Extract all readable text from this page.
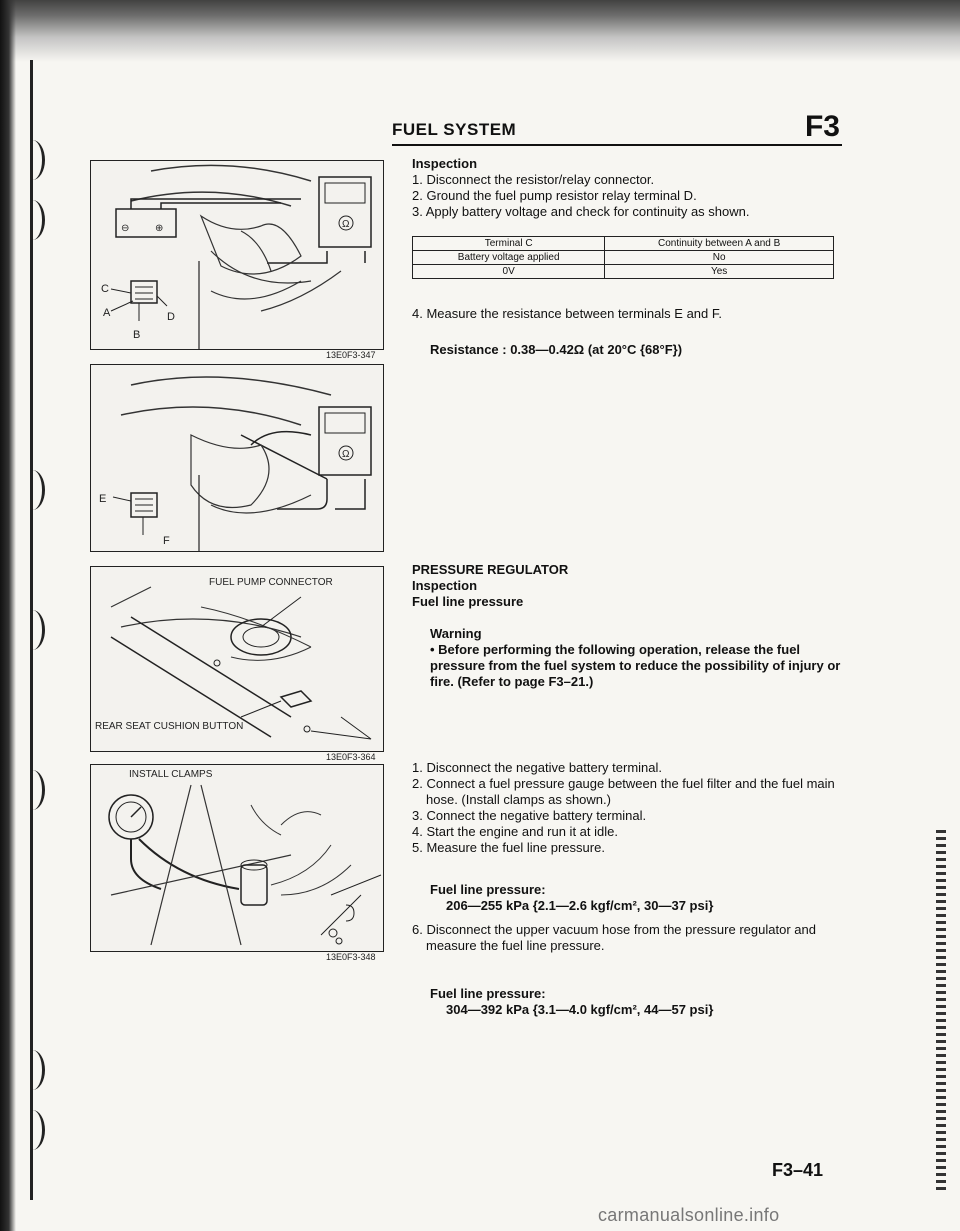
FUEL SYSTEM	F3
⊖	⊕	Ω
C
A	D
B
13E0F3-347
Ω
E
F
FUEL PUMP CONNECTOR
REAR SEAT CUSHION BUTTON
13E0F3-364
INSTALL CLAMPS
13E0F3-348
Inspection

1. Disconnect the resistor/relay connector.

2. Ground the fuel pump resistor relay terminal D.

3. Apply battery voltage and check for continuity as shown.

Terminal C	Continuity between A and B
Battery voltage applied	No
0V	Yes

4. Measure the resistance between terminals E and F.

Resistance : 0.38—0.42Ω (at 20°C {68°F})
PRESSURE REGULATOR
Inspection
Fuel line pressure
Warning
• Before performing the following operation, release the fuel pressure from the fuel system to reduce the possibility of injury or fire. (Refer to page F3–21.)

1. Disconnect the negative battery terminal.

2. Connect a fuel pressure gauge between the fuel filter and the fuel main hose. (Install clamps as shown.)

3. Connect the negative battery terminal.

4. Start the engine and run it at idle.

5. Measure the fuel line pressure.

Fuel line pressure:
206—255 kPa {2.1—2.6 kgf/cm², 30—37 psi}
6. Disconnect the upper vacuum hose from the pressure regulator and measure the fuel line pressure.
Fuel line pressure:
304—392 kPa {3.1—4.0 kgf/cm², 44—57 psi}
F3–41
carmanualsonline.info
